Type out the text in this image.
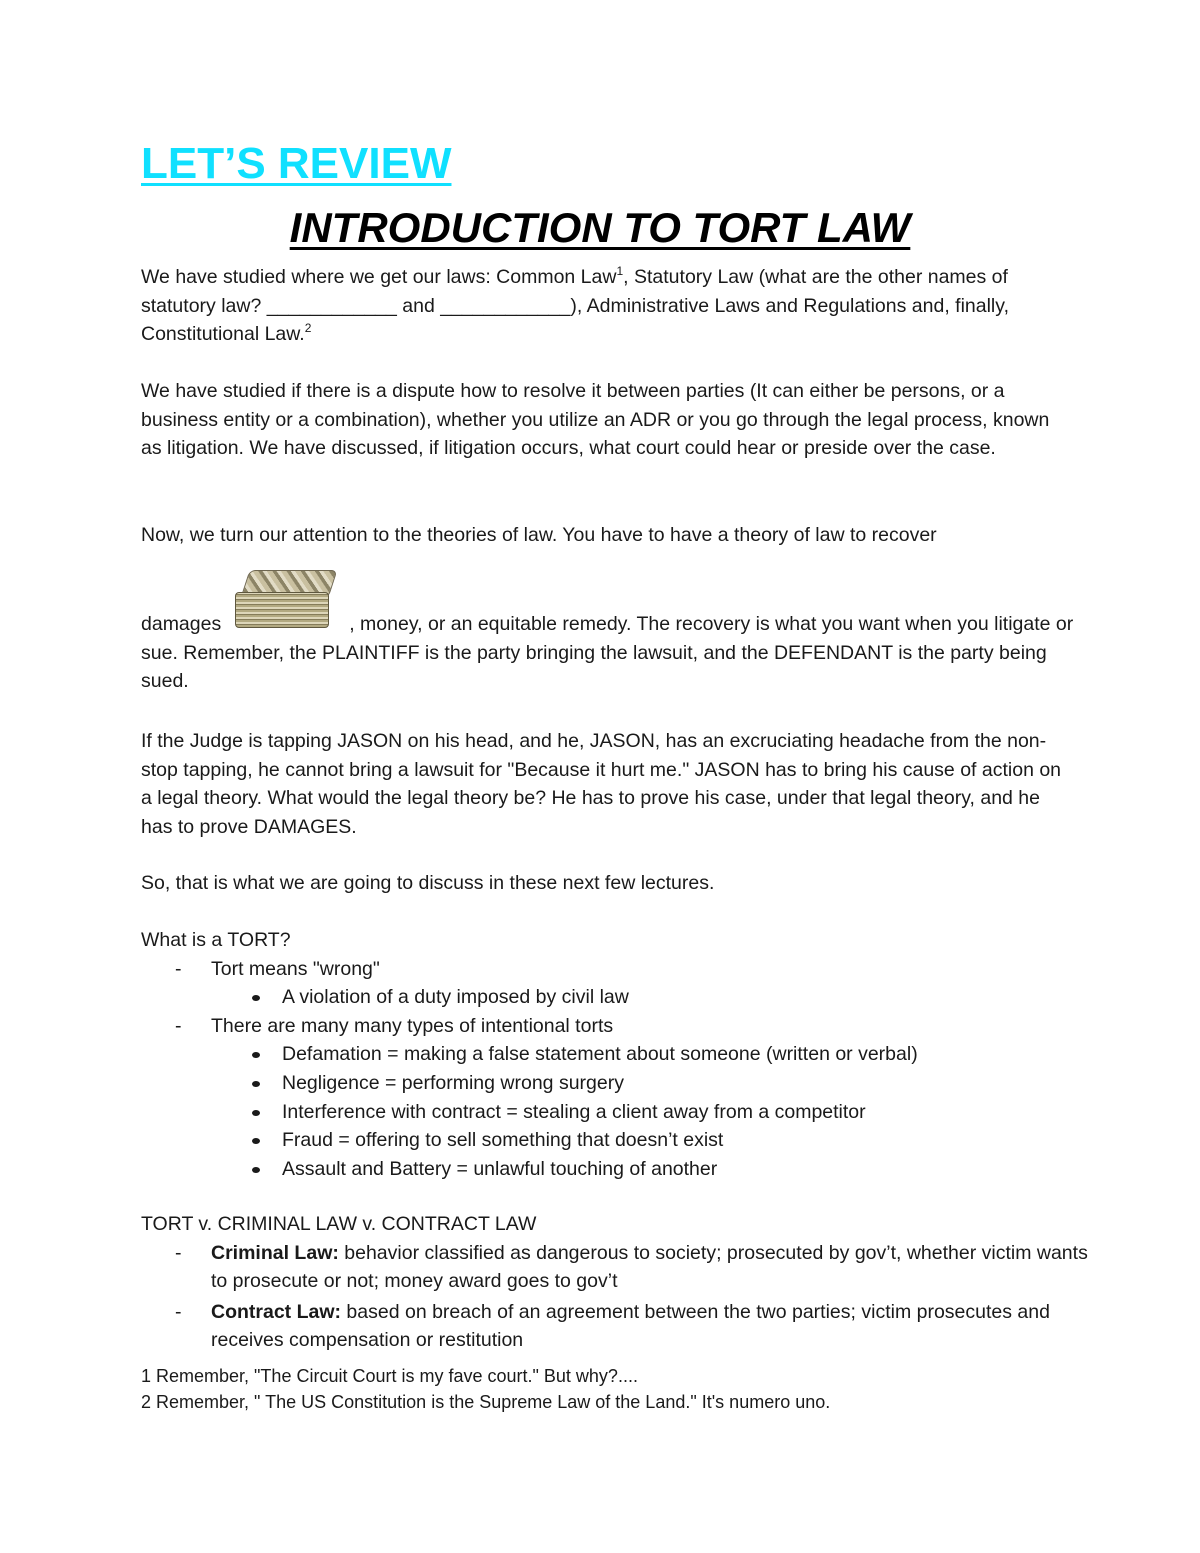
LET’S REVIEW
INTRODUCTION TO TORT LAW

We have studied where we get our laws: Common Law$^1$, Statutory Law (what are the other names of statutory law? ____________ and ____________), Administrative Laws and Regulations and, finally, Constitutional Law.$^2$

We have studied if there is a dispute how to resolve it between parties (It can either be persons, or a business entity or a combination), whether you utilize an ADR or you go through the legal process, known as litigation. We have discussed, if litigation occurs, what court could hear or preside over the case.

Now, we turn our attention to the theories of law. You have to have a theory of law to recover

damages	, money, or an equitable remedy. The recovery is what you want when you litigate or sue. Remember, the PLAINTIFF is the party bringing the lawsuit, and the DEFENDANT is the party being sued.

If the Judge is tapping JASON on his head, and he, JASON, has an excruciating headache from the non-stop tapping, he cannot bring a lawsuit for "Because it hurt me." JASON has to bring his cause of action on a legal theory. What would the legal theory be? He has to prove his case, under that legal theory, and he has to prove DAMAGES.

So, that is what we are going to discuss in these next few lectures.

What is a TORT?
- Tort means "wrong"
A violation of a duty imposed by civil law
- There are many many types of intentional torts
Defamation = making a false statement about someone (written or verbal)
Negligence = performing wrong surgery
Interference with contract = stealing a client away from a competitor
Fraud = offering to sell something that doesn’t exist
Assault and Battery = unlawful touching of another
TORT v. CRIMINAL LAW v. CONTRACT LAW
- Criminal Law: behavior classified as dangerous to society; prosecuted by gov’t, whether victim wants to prosecute or not; money award goes to gov’t
- Contract Law: based on breach of an agreement between the two parties; victim prosecutes and receives compensation or restitution
1 Remember, "The Circuit Court is my fave court." But why?....
2 Remember, " The US Constitution is the Supreme Law of the Land." It's numero uno.
